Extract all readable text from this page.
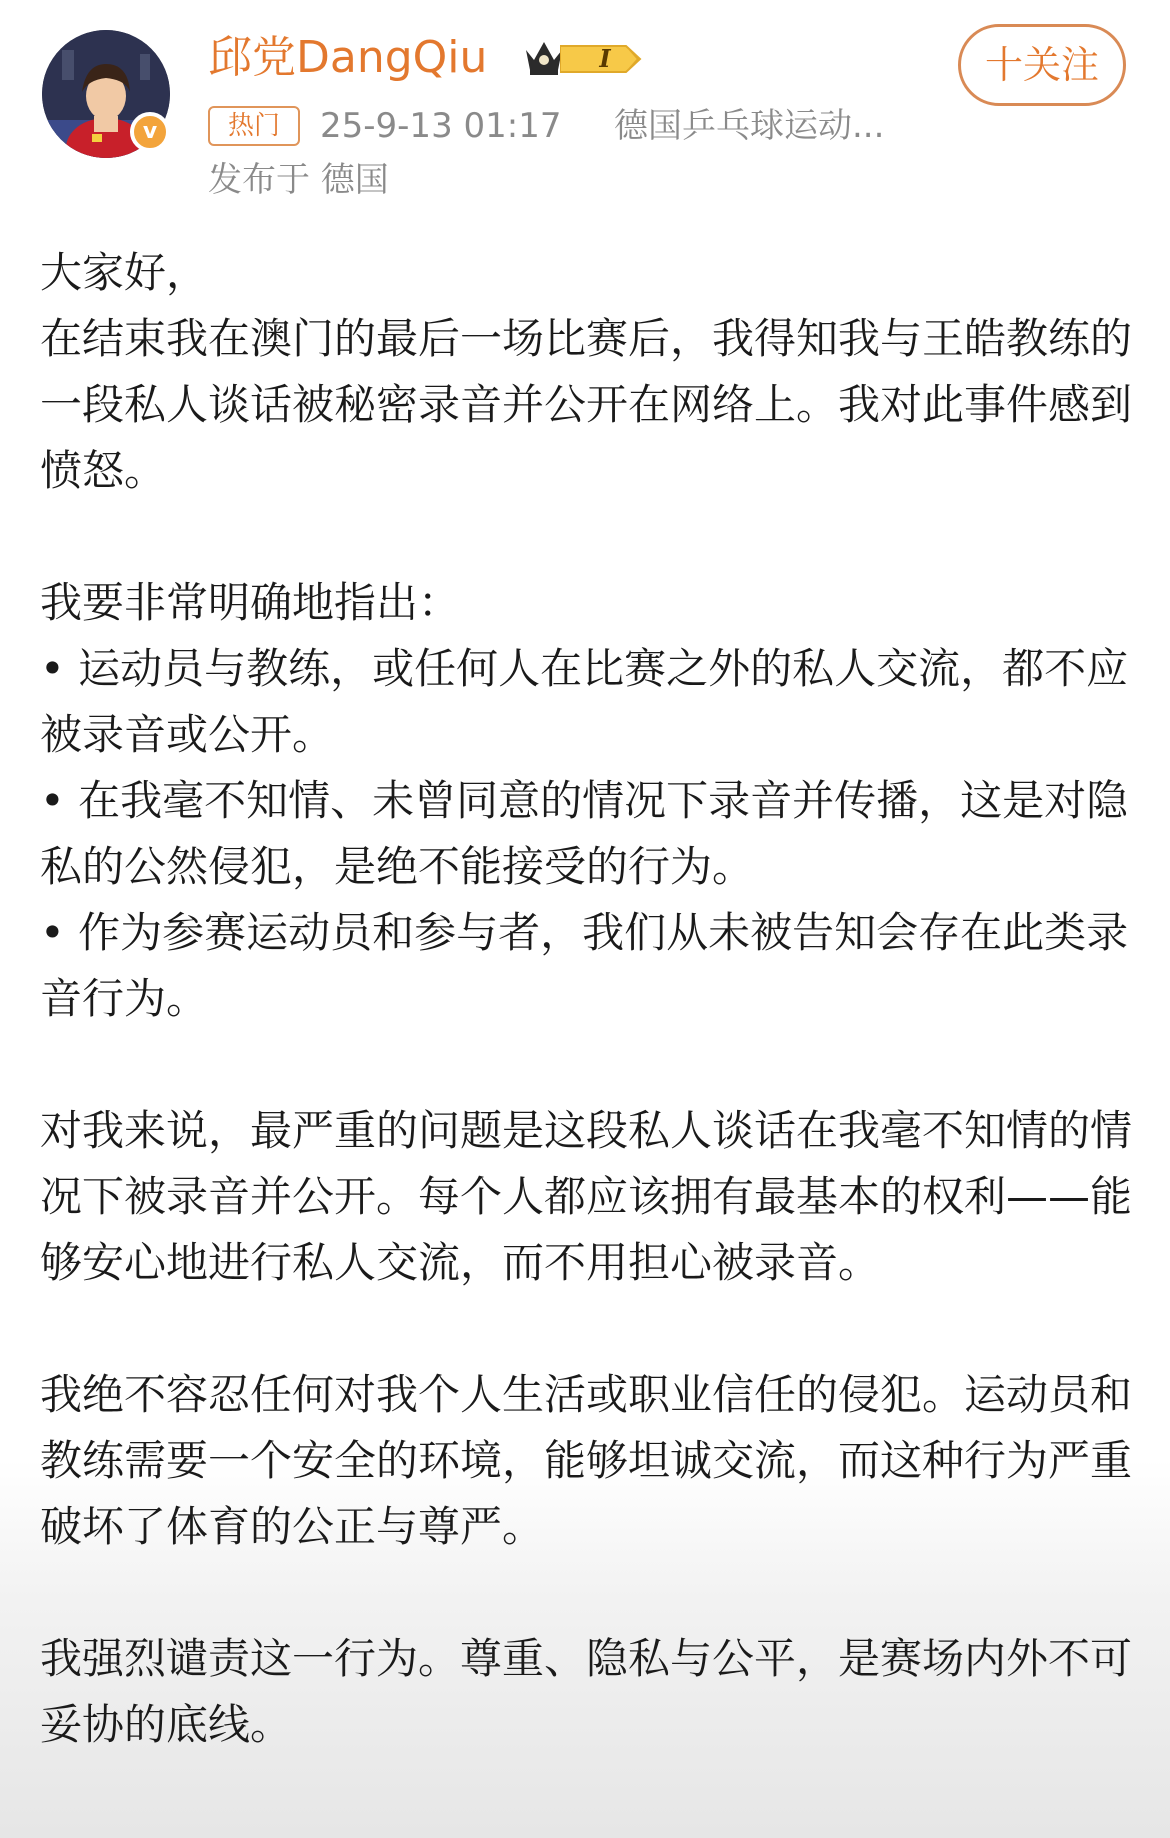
v
邱党DangQiu	I	十关注
热门	25-9-13 01:17 德国乒乓球运动...
发布于 德国

大家好，

在结束我在澳门的最后一场比赛后，我得知我与王皓教练的一段私人谈话被秘密录音并公开在网络上。我对此事件感到愤怒。

我要非常明确地指出：

• 运动员与教练，或任何人在比赛之外的私人交流，都不应被录音或公开。

• 在我毫不知情、未曾同意的情况下录音并传播，这是对隐私的公然侵犯，是绝不能接受的行为。

• 作为参赛运动员和参与者，我们从未被告知会存在此类录音行为。

对我来说，最严重的问题是这段私人谈话在我毫不知情的情况下被录音并公开。每个人都应该拥有最基本的权利——能够安心地进行私人交流，而不用担心被录音。

我绝不容忍任何对我个人生活或职业信任的侵犯。运动员和教练需要一个安全的环境，能够坦诚交流，而这种行为严重破坏了体育的公正与尊严。

我强烈谴责这一行为。尊重、隐私与公平，是赛场内外不可妥协的底线。
